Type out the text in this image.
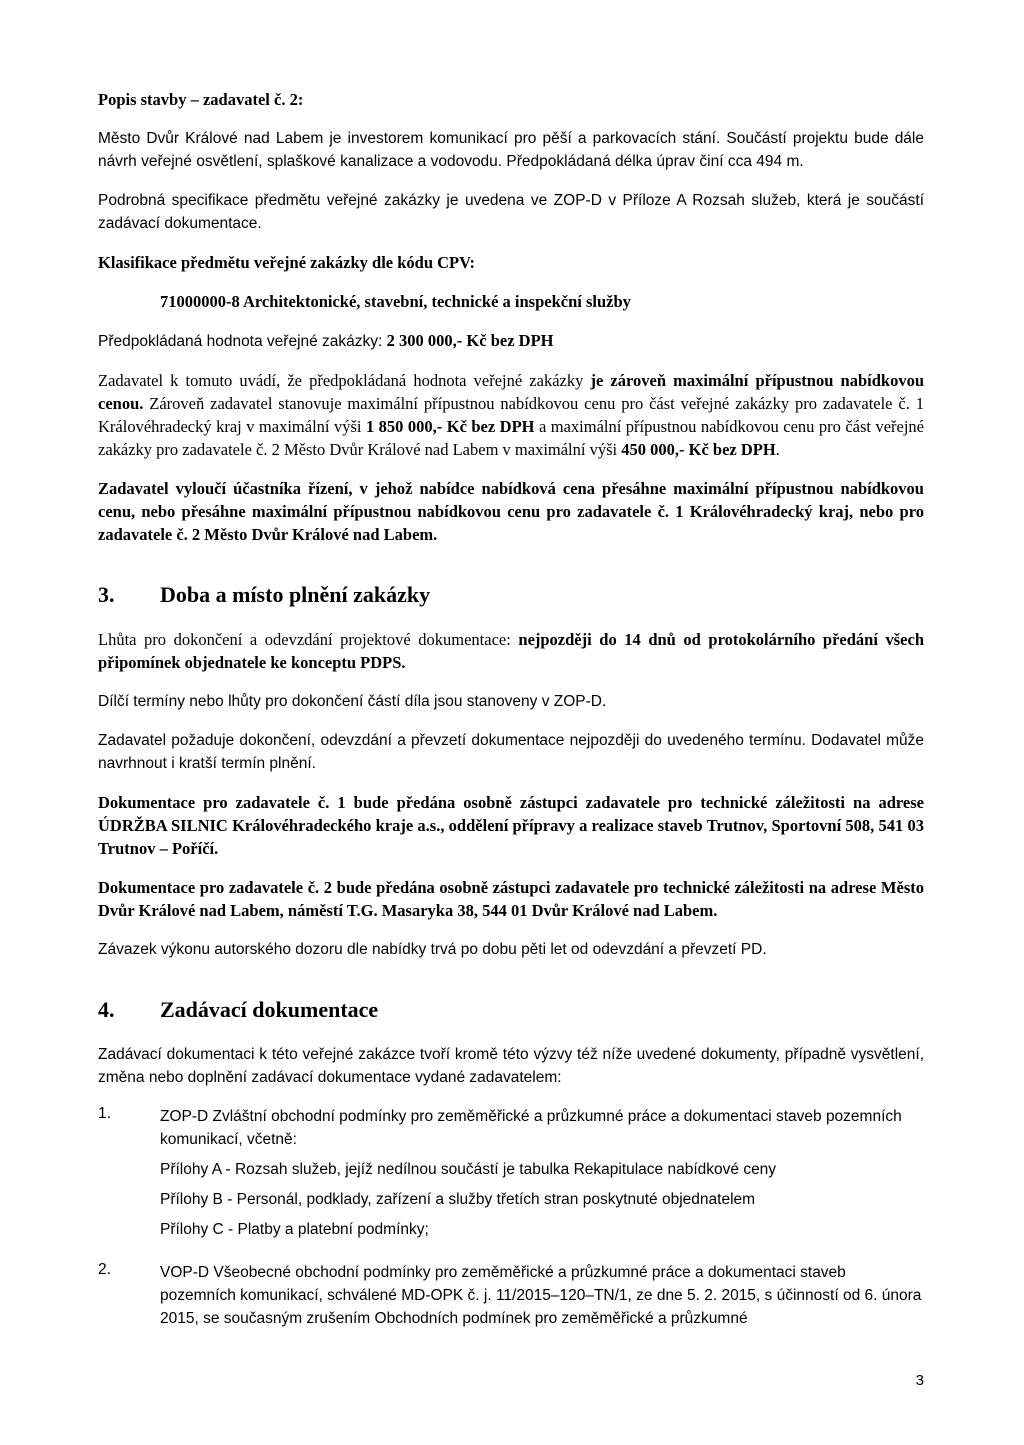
Popis stavby – zadavatel č. 2:

Město Dvůr Králové nad Labem je investorem komunikací pro pěší a parkovacích stání. Součástí projektu bude dále návrh veřejné osvětlení, splaškové kanalizace a vodovodu. Předpokládaná délka úprav činí cca 494 m.

Podrobná specifikace předmětu veřejné zakázky je uvedena ve ZOP-D v Příloze A Rozsah služeb, která je součástí zadávací dokumentace.

Klasifikace předmětu veřejné zakázky dle kódu CPV:

71000000-8 Architektonické, stavební, technické a inspekční služby

Předpokládaná hodnota veřejné zakázky: 2 300 000,- Kč bez DPH

Zadavatel k tomuto uvádí, že předpokládaná hodnota veřejné zakázky je zároveň maximální přípustnou nabídkovou cenou. Zároveň zadavatel stanovuje maximální přípustnou nabídkovou cenu pro část veřejné zakázky pro zadavatele č. 1 Královéhradecký kraj v maximální výši 1 850 000,- Kč bez DPH a maximální přípustnou nabídkovou cenu pro část veřejné zakázky pro zadavatele č. 2 Město Dvůr Králové nad Labem v maximální výši 450 000,- Kč bez DPH.

Zadavatel vyloučí účastníka řízení, v jehož nabídce nabídková cena přesáhne maximální přípustnou nabídkovou cenu, nebo přesáhne maximální přípustnou nabídkovou cenu pro zadavatele č. 1 Královéhradecký kraj, nebo pro zadavatele č. 2 Město Dvůr Králové nad Labem.

3. Doba a místo plnění zakázky

Lhůta pro dokončení a odevzdání projektové dokumentace: nejpozději do 14 dnů od protokolárního předání všech připomínek objednatele ke konceptu PDPS.

Dílčí termíny nebo lhůty pro dokončení částí díla jsou stanoveny v ZOP-D.

Zadavatel požaduje dokončení, odevzdání a převzetí dokumentace nejpozději do uvedeného termínu. Dodavatel může navrhnout i kratší termín plnění.

Dokumentace pro zadavatele č. 1 bude předána osobně zástupci zadavatele pro technické záležitosti na adrese ÚDRŽBA SILNIC Královéhradeckého kraje a.s., oddělení přípravy a realizace staveb Trutnov, Sportovní 508, 541 03 Trutnov – Poříčí.

Dokumentace pro zadavatele č. 2 bude předána osobně zástupci zadavatele pro technické záležitosti na adrese Město Dvůr Králové nad Labem, náměstí T.G. Masaryka 38, 544 01 Dvůr Králové nad Labem.

Závazek výkonu autorského dozoru dle nabídky trvá po dobu pěti let od odevzdání a převzetí PD.

4. Zadávací dokumentace

Zadávací dokumentaci k této veřejné zakázce tvoří kromě této výzvy též níže uvedené dokumenty, případně vysvětlení, změna nebo doplnění zadávací dokumentace vydané zadavatelem:

1.	ZOP-D Zvláštní obchodní podmínky pro zeměměřické a průzkumné práce a dokumentaci staveb pozemních komunikací, včetně:
Přílohy A - Rozsah služeb, jejíž nedílnou součástí je tabulka Rekapitulace nabídkové ceny
Přílohy B - Personál, podklady, zařízení a služby třetích stran poskytnuté objednatelem
Přílohy C - Platby a platební podmínky;
2.	VOP-D Všeobecné obchodní podmínky pro zeměměřické a průzkumné práce a dokumentaci staveb pozemních komunikací, schválené MD-OPK č. j. 11/2015–120–TN/1, ze dne 5. 2. 2015, s účinností od 6. února 2015, se současným zrušením Obchodních podmínek pro zeměměřické a průzkumné
3
